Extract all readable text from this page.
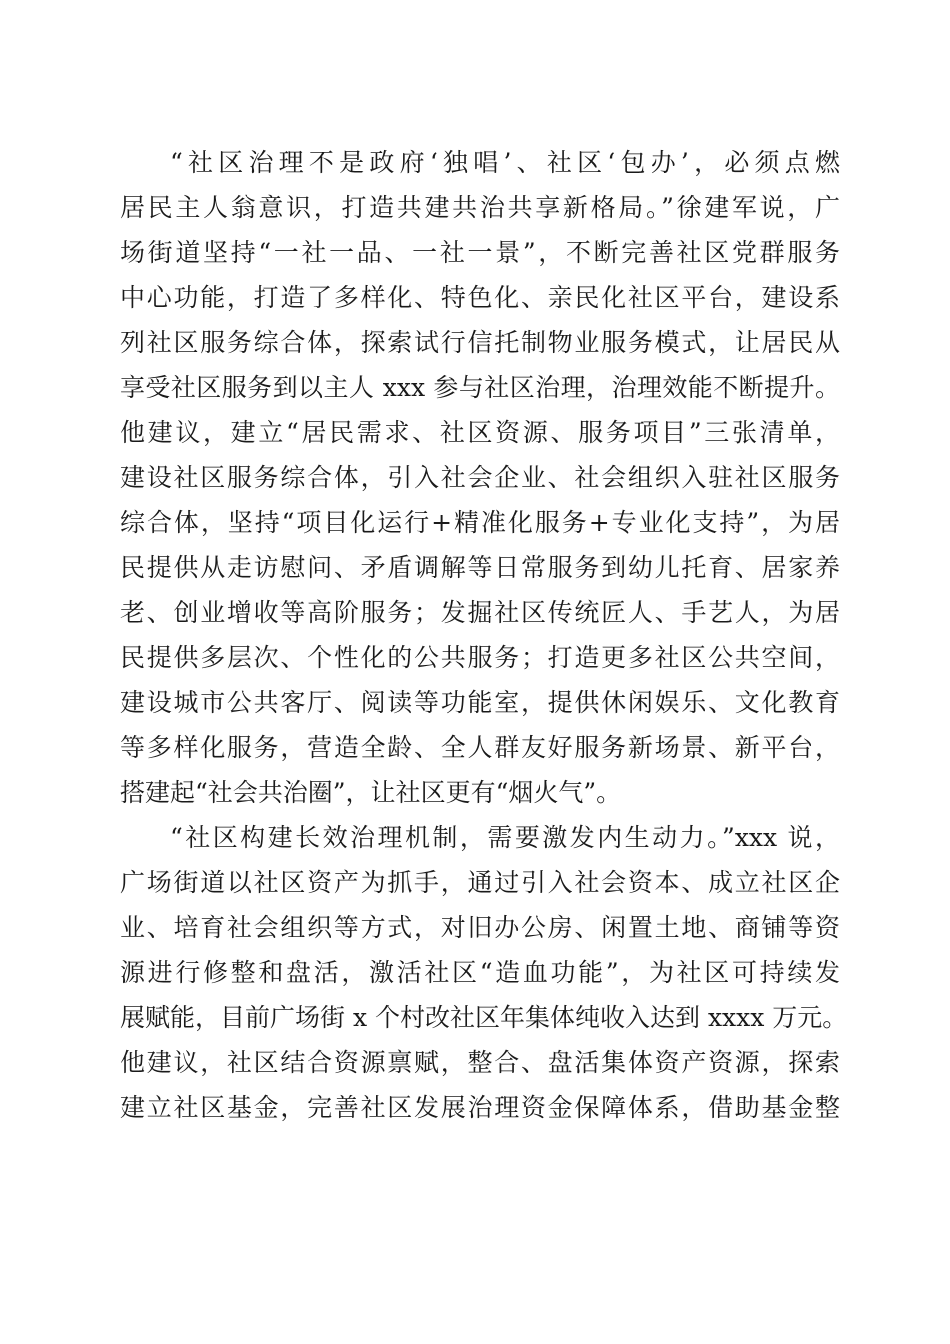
“社区治理不是政府‘独唱’、社区‘包办’，必须点燃
居民主人翁意识，打造共建共治共享新格局。”徐建军说，广
场街道坚持“一社一品、一社一景”，不断完善社区党群服务
中心功能，打造了多样化、特色化、亲民化社区平台，建设系
列社区服务综合体，探索试行信托制物业服务模式，让居民从
享受社区服务到以主人 xxx 参与社区治理，治理效能不断提升。
他建议，建立“居民需求、社区资源、服务项目”三张清单，
建设社区服务综合体，引入社会企业、社会组织入驻社区服务
综合体，坚持“项目化运行+精准化服务+专业化支持”，为居
民提供从走访慰问、矛盾调解等日常服务到幼儿托育、居家养
老、创业增收等高阶服务；发掘社区传统匠人、手艺人，为居
民提供多层次、个性化的公共服务；打造更多社区公共空间，
建设城市公共客厅、阅读等功能室，提供休闲娱乐、文化教育
等多样化服务，营造全龄、全人群友好服务新场景、新平台，
搭建起“社会共治圈”，让社区更有“烟火气”。
“社区构建长效治理机制，需要激发内生动力。”xxx 说，
广场街道以社区资产为抓手，通过引入社会资本、成立社区企
业、培育社会组织等方式，对旧办公房、闲置土地、商铺等资
源进行修整和盘活，激活社区“造血功能”，为社区可持续发
展赋能，目前广场街 x 个村改社区年集体纯收入达到 xxxx 万元。
他建议，社区结合资源禀赋，整合、盘活集体资产资源，探索
建立社区基金，完善社区发展治理资金保障体系，借助基金整
